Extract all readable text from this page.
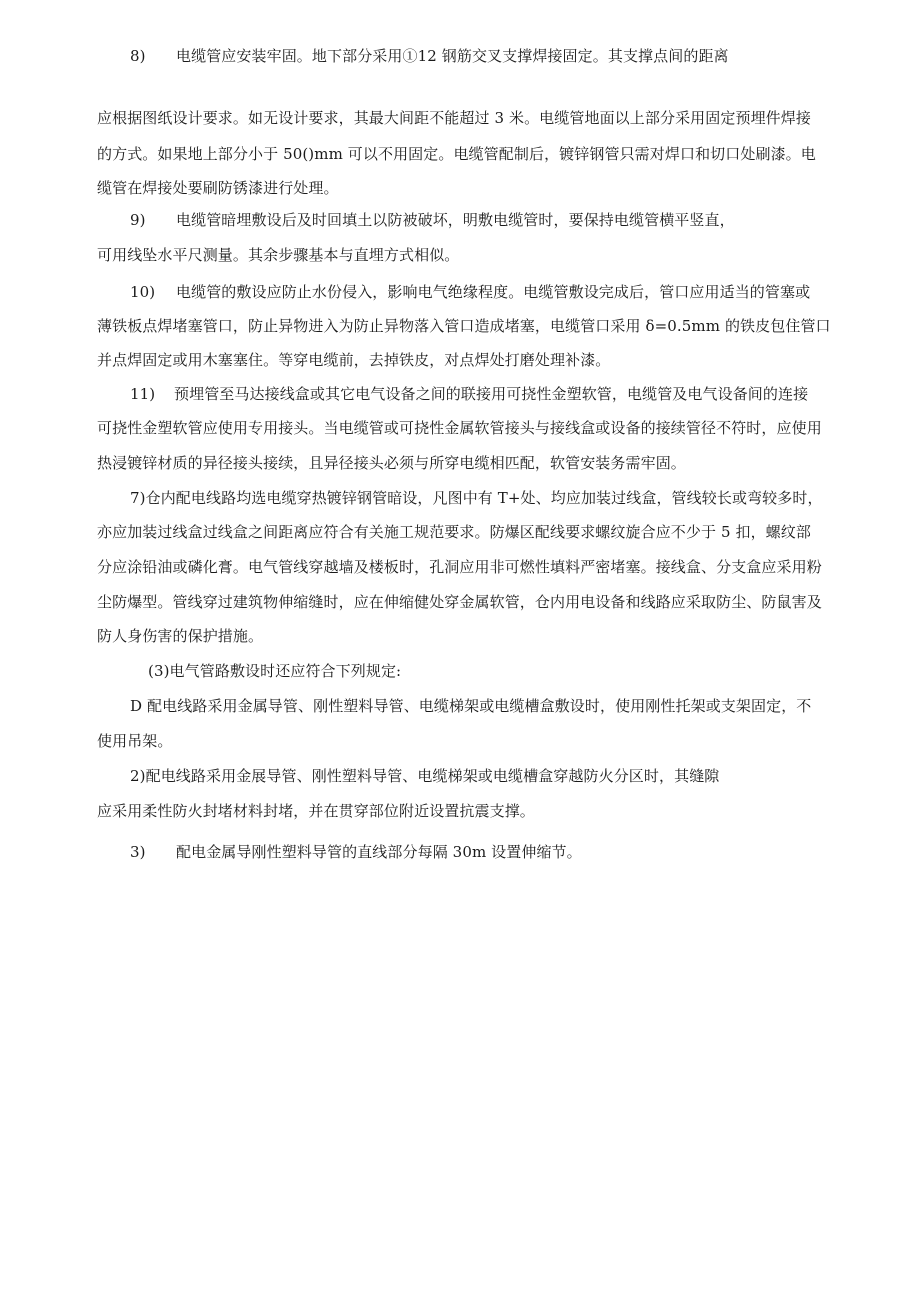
8) 电缆管应安装牢固。地下部分采用①12 钢筋交叉支撑焊接固定。其支撑点间的距离
应根据图纸设计要求。如无设计要求，其最大间距不能超过 3 米。电缆管地面以上部分采用固定预埋件焊接
的方式。如果地上部分小于 50()mm 可以不用固定。电缆管配制后，镀锌钢管只需对焊口和切口处刷漆。电
缆管在焊接处要刷防锈漆进行处理。
9) 电缆管暗埋敷设后及时回填土以防被破坏，明敷电缆管时，要保持电缆管横平竖直，
可用线坠水平尺测量。其余步骤基本与直埋方式相似。
10) 电缆管的敷设应防止水份侵入，影响电气绝缘程度。电缆管敷设完成后，管口应用适当的管塞或
薄铁板点焊堵塞管口，防止异物进入为防止异物落入管口造成堵塞，电缆管口采用 δ=0.5mm 的铁皮包住管口
并点焊固定或用木塞塞住。等穿电缆前，去掉铁皮，对点焊处打磨处理补漆。
11) 预埋管至马达接线盒或其它电气设备之间的联接用可挠性金塑软管，电缆管及电气设备间的连接
可挠性金塑软管应使用专用接头。当电缆管或可挠性金属软管接头与接线盒或设备的接续管径不符时，应使用
热浸镀锌材质的异径接头接续，且异径接头必须与所穿电缆相匹配，软管安装务需牢固。
7)仓内配电线路均选电缆穿热镀锌钢管暗设，凡图中有 T+处、均应加装过线盒，管线较长或弯较多时，
亦应加装过线盒过线盒之间距离应符合有关施工规范要求。防爆区配线要求螺纹旋合应不少于 5 扣，螺纹部
分应涂铅油或磷化膏。电气管线穿越墙及楼板时，孔洞应用非可燃性填料严密堵塞。接线盒、分支盒应采用粉
尘防爆型。管线穿过建筑物伸缩缝时，应在伸缩健处穿金属软管，仓内用电设备和线路应采取防尘、防鼠害及
防人身伤害的保护措施。
(3)电气管路敷设时还应符合下列规定:
D 配电线路采用金属导管、刚性塑料导管、电缆梯架或电缆槽盒敷设时，使用刚性托架或支架固定，不
使用吊架。
2)配电线路采用金展导管、刚性塑料导管、电缆梯架或电缆槽盒穿越防火分区时，其缝隙
应采用柔性防火封堵材料封堵，并在贯穿部位附近设置抗震支撑。
3) 配电金属导刚性塑料导管的直线部分每隔 30m 设置伸缩节。
